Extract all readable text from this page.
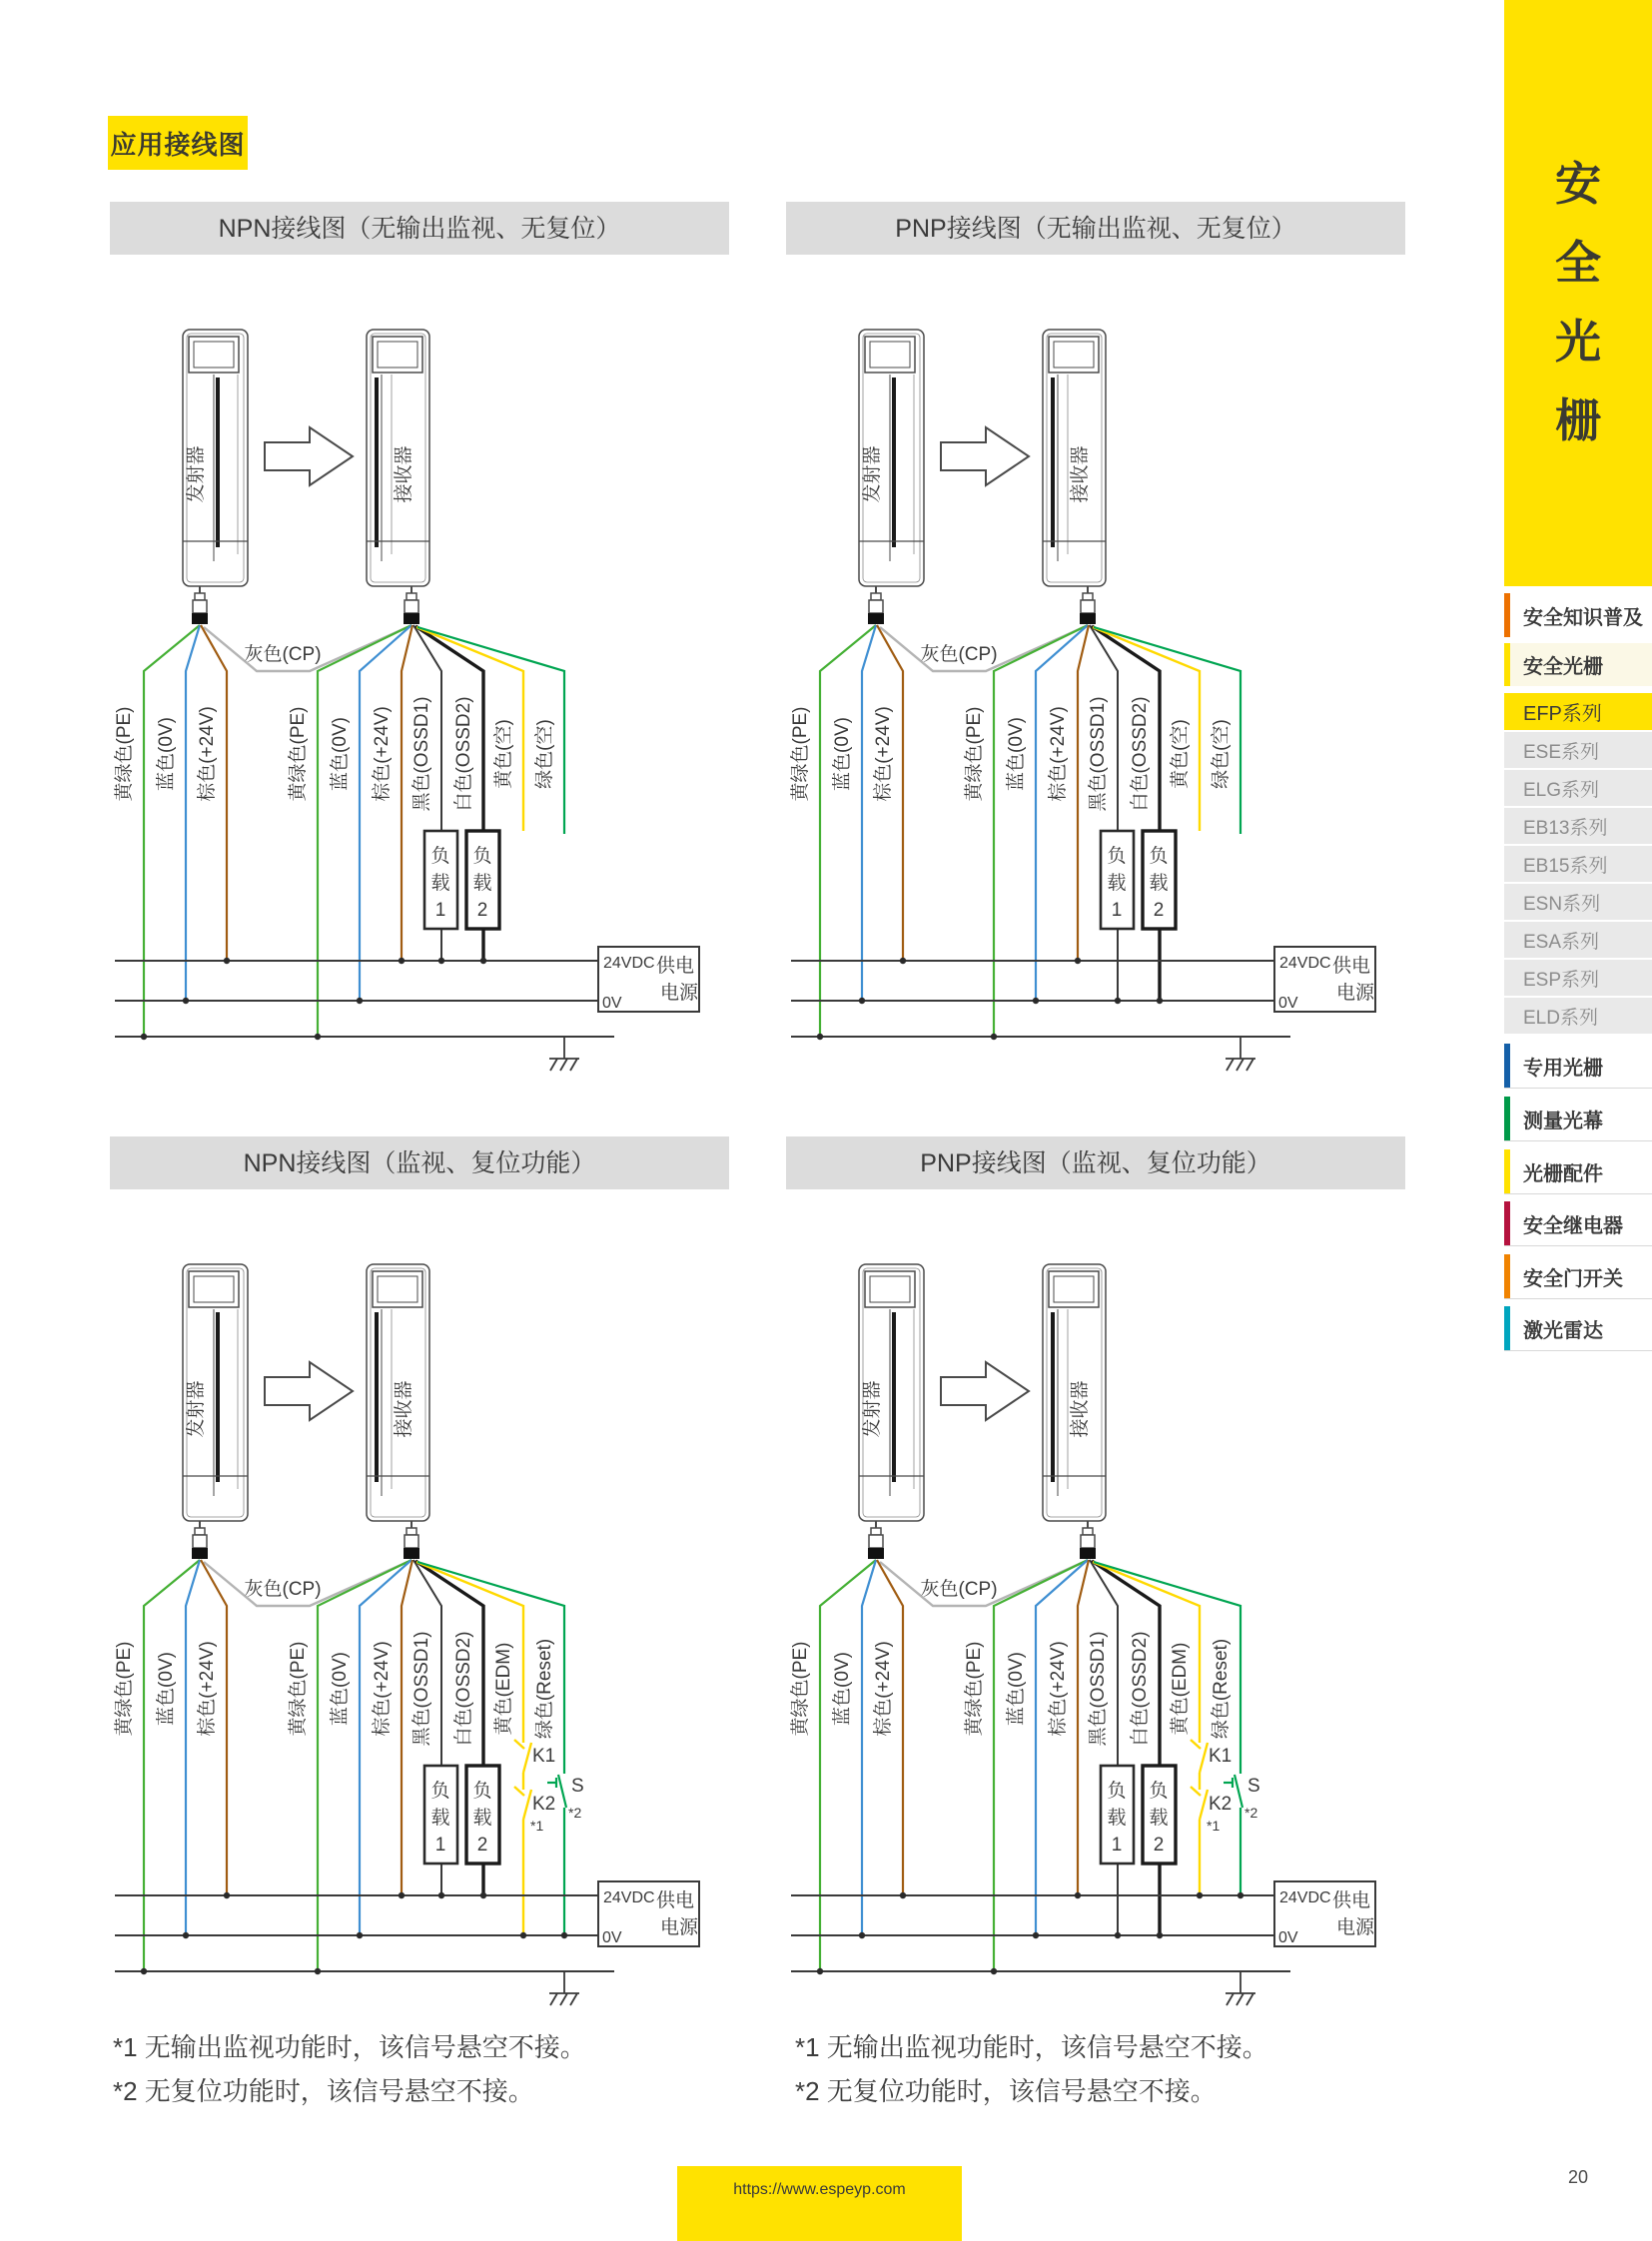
应用接线图
NPN接线图（无输出监视、无复位）
灰色(CP)
黄绿色(PE) 蓝色(0V) 棕色(+24V)	黄绿色(PE) 蓝色(0V) 棕色(+24V) 黑色(OSSD1) 白色(OSSD2) 黄色(空) 绿色(空)
负
载
1
负
载
2
PNP接线图（无输出监视、无复位）
灰色(CP)
黄绿色(PE) 蓝色(0V) 棕色(+24V)	黄绿色(PE) 蓝色(0V) 棕色(+24V) 黑色(OSSD1) 白色(OSSD2) 黄色(空) 绿色(空)
负
载
1
负
载
2
NPN接线图（监视、复位功能）
K1
K2
S
*1
*2
灰色(CP)
黄绿色(PE) 蓝色(0V) 棕色(+24V)	黄绿色(PE) 蓝色(0V) 棕色(+24V) 黑色(OSSD1) 白色(OSSD2) 黄色(EDM) 绿色(Reset)
负
载
1
负
载
2
PNP接线图（监视、复位功能）
K1
K2
S
*1
*2
灰色(CP)
黄绿色(PE) 蓝色(0V) 棕色(+24V)	黄绿色(PE) 蓝色(0V) 棕色(+24V) 黑色(OSSD1) 白色(OSSD2) 黄色(EDM) 绿色(Reset)
负
载
1
负
载
2
*1 无输出监视功能时，该信号悬空不接。
*2 无复位功能时，该信号悬空不接。
*1 无输出监视功能时，该信号悬空不接。
*2 无复位功能时，该信号悬空不接。
安
全
光
栅
安全知识普及
安全光栅
EFP系列
ESE系列
ELG系列
EB13系列
EB15系列
ESN系列
ESA系列
ESP系列
ELD系列
专用光栅
测量光幕
光栅配件
安全继电器
安全门开关
激光雷达
https://www.espeyp.com
20
